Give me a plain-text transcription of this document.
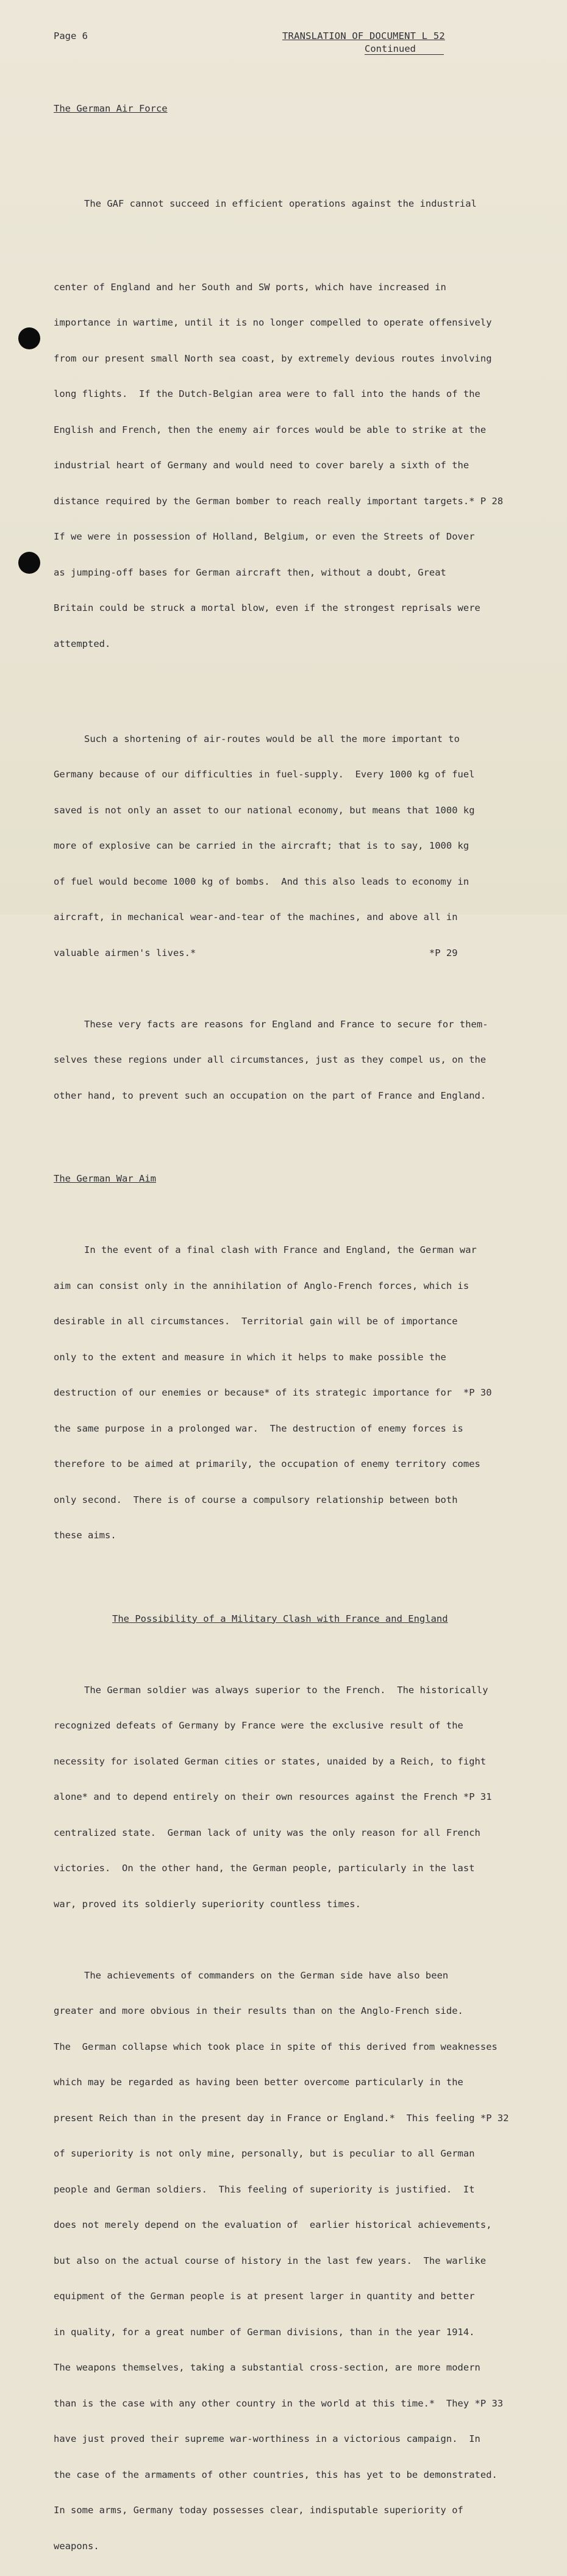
Page 6	TRANSLATION OF DOCUMENT L 52
Continued

The German Air Force

The GAF cannot succeed in efficient operations against the industrial

center of England and her South and SW ports, which have increased in

importance in wartime, until it is no longer compelled to operate offensively

from our present small North sea coast, by extremely devious routes involving

long flights.  If the Dutch-Belgian area were to fall into the hands of the

English and French, then the enemy air forces would be able to strike at the

industrial heart of Germany and would need to cover barely a sixth of the

distance required by the German bomber to reach really important targets.* P 28

If we were in possession of Holland, Belgium, or even the Streets of Dover

as jumping-off bases for German aircraft then, without a doubt, Great

Britain could be struck a mortal blow, even if the strongest reprisals were

attempted.

Such a shortening of air-routes would be all the more important to

Germany because of our difficulties in fuel-supply.  Every 1000 kg of fuel

saved is not only an asset to our national economy, but means that 1000 kg

more of explosive can be carried in the aircraft; that is to say, 1000 kg

of fuel would become 1000 kg of bombs.  And this also leads to economy in

aircraft, in mechanical wear-and-tear of the machines, and above all in

valuable airmen's lives.*                                         *P 29

These very facts are reasons for England and France to secure for them-

selves these regions under all circumstances, just as they compel us, on the

other hand, to prevent such an occupation on the part of France and England.

The German War Aim

In the event of a final clash with France and England, the German war

aim can consist only in the annihilation of Anglo-French forces, which is

desirable in all circumstances.  Territorial gain will be of importance

only to the extent and measure in which it helps to make possible the

destruction of our enemies or because* of its strategic importance for  *P 30

the same purpose in a prolonged war.  The destruction of enemy forces is

therefore to be aimed at primarily, the occupation of enemy territory comes

only second.  There is of course a compulsory relationship between both

these aims.

The Possibility of a Military Clash with France and England

The German soldier was always superior to the French.  The historically

recognized defeats of Germany by France were the exclusive result of the

necessity for isolated German cities or states, unaided by a Reich, to fight

alone* and to depend entirely on their own resources against the French *P 31

centralized state.  German lack of unity was the only reason for all French

victories.  On the other hand, the German people, particularly in the last

war, proved its soldierly superiority countless times.

The achievements of commanders on the German side have also been

greater and more obvious in their results than on the Anglo-French side.

The  German collapse which took place in spite of this derived from weaknesses

which may be regarded as having been better overcome particularly in the

present Reich than in the present day in France or England.*  This feeling *P 32

of superiority is not only mine, personally, but is peculiar to all German

people and German soldiers.  This feeling of superiority is justified.  It

does not merely depend on the evaluation of  earlier historical achievements,

but also on the actual course of history in the last few years.  The warlike

equipment of the German people is at present larger in quantity and better

in quality, for a great number of German divisions, than in the year 1914.

The weapons themselves, taking a substantial cross-section, are more modern

than is the case with any other country in the world at this time.*  They *P 33

have just proved their supreme war-worthiness in a victorious campaign.  In

the case of the armaments of other countries, this has yet to be demonstrated.

In some arms, Germany today possesses clear, indisputable superiority of

weapons.
